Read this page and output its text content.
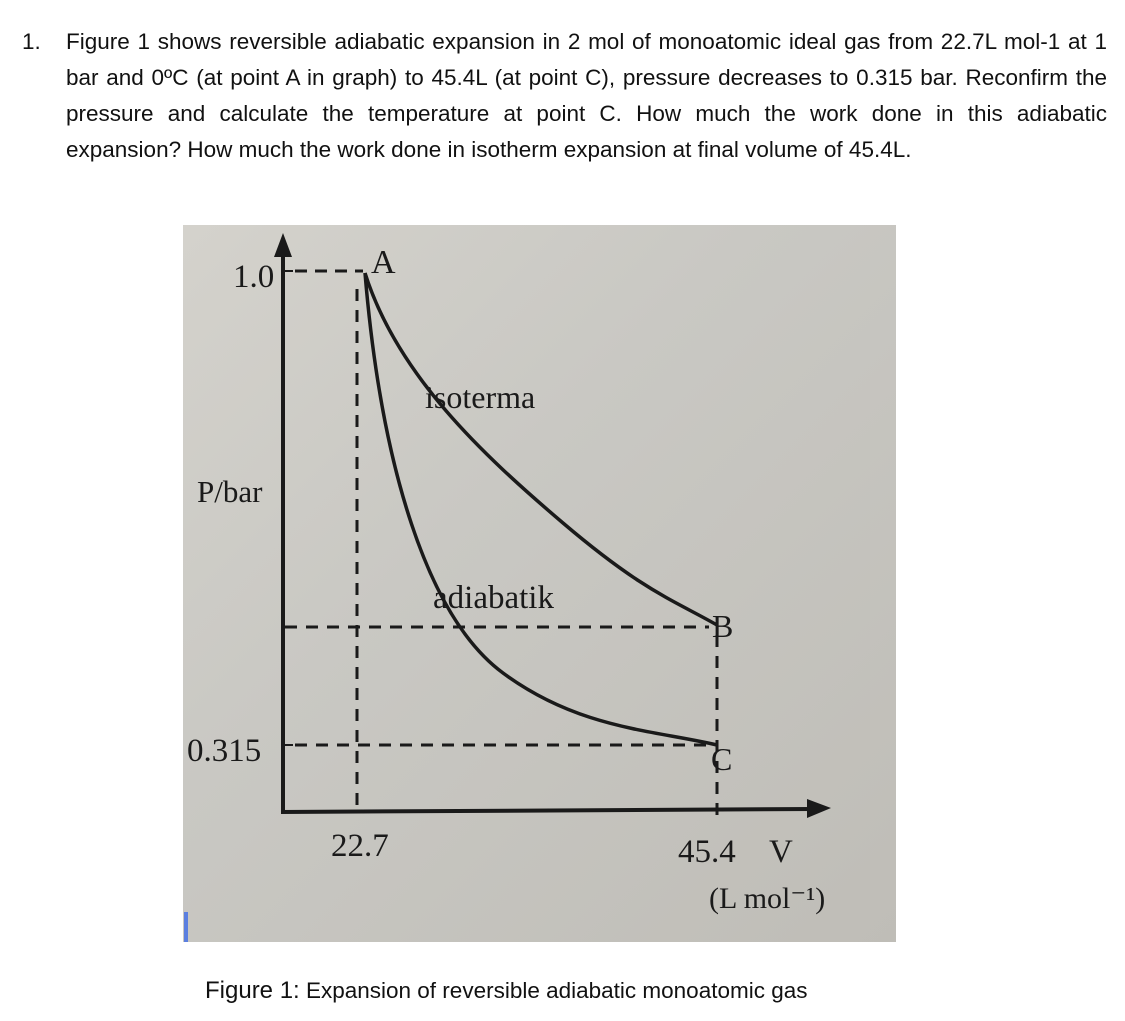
1.	Figure 1 shows reversible adiabatic expansion in 2 mol of monoatomic ideal gas from 22.7L mol-1 at 1 bar and 0ºC (at point A in graph) to 45.4L (at point C), pressure decreases to 0.315 bar. Reconfirm the pressure and calculate the temperature at point C. How much the work done in this adiabatic expansion? How much the work done in isotherm expansion at final volume of 45.4L.
A
B
C
isoterma
adiabatik
P/bar
1.0
0.315
22.7	45.4 V
(L mol⁻¹)
Figure 1: Expansion of reversible adiabatic monoatomic gas
